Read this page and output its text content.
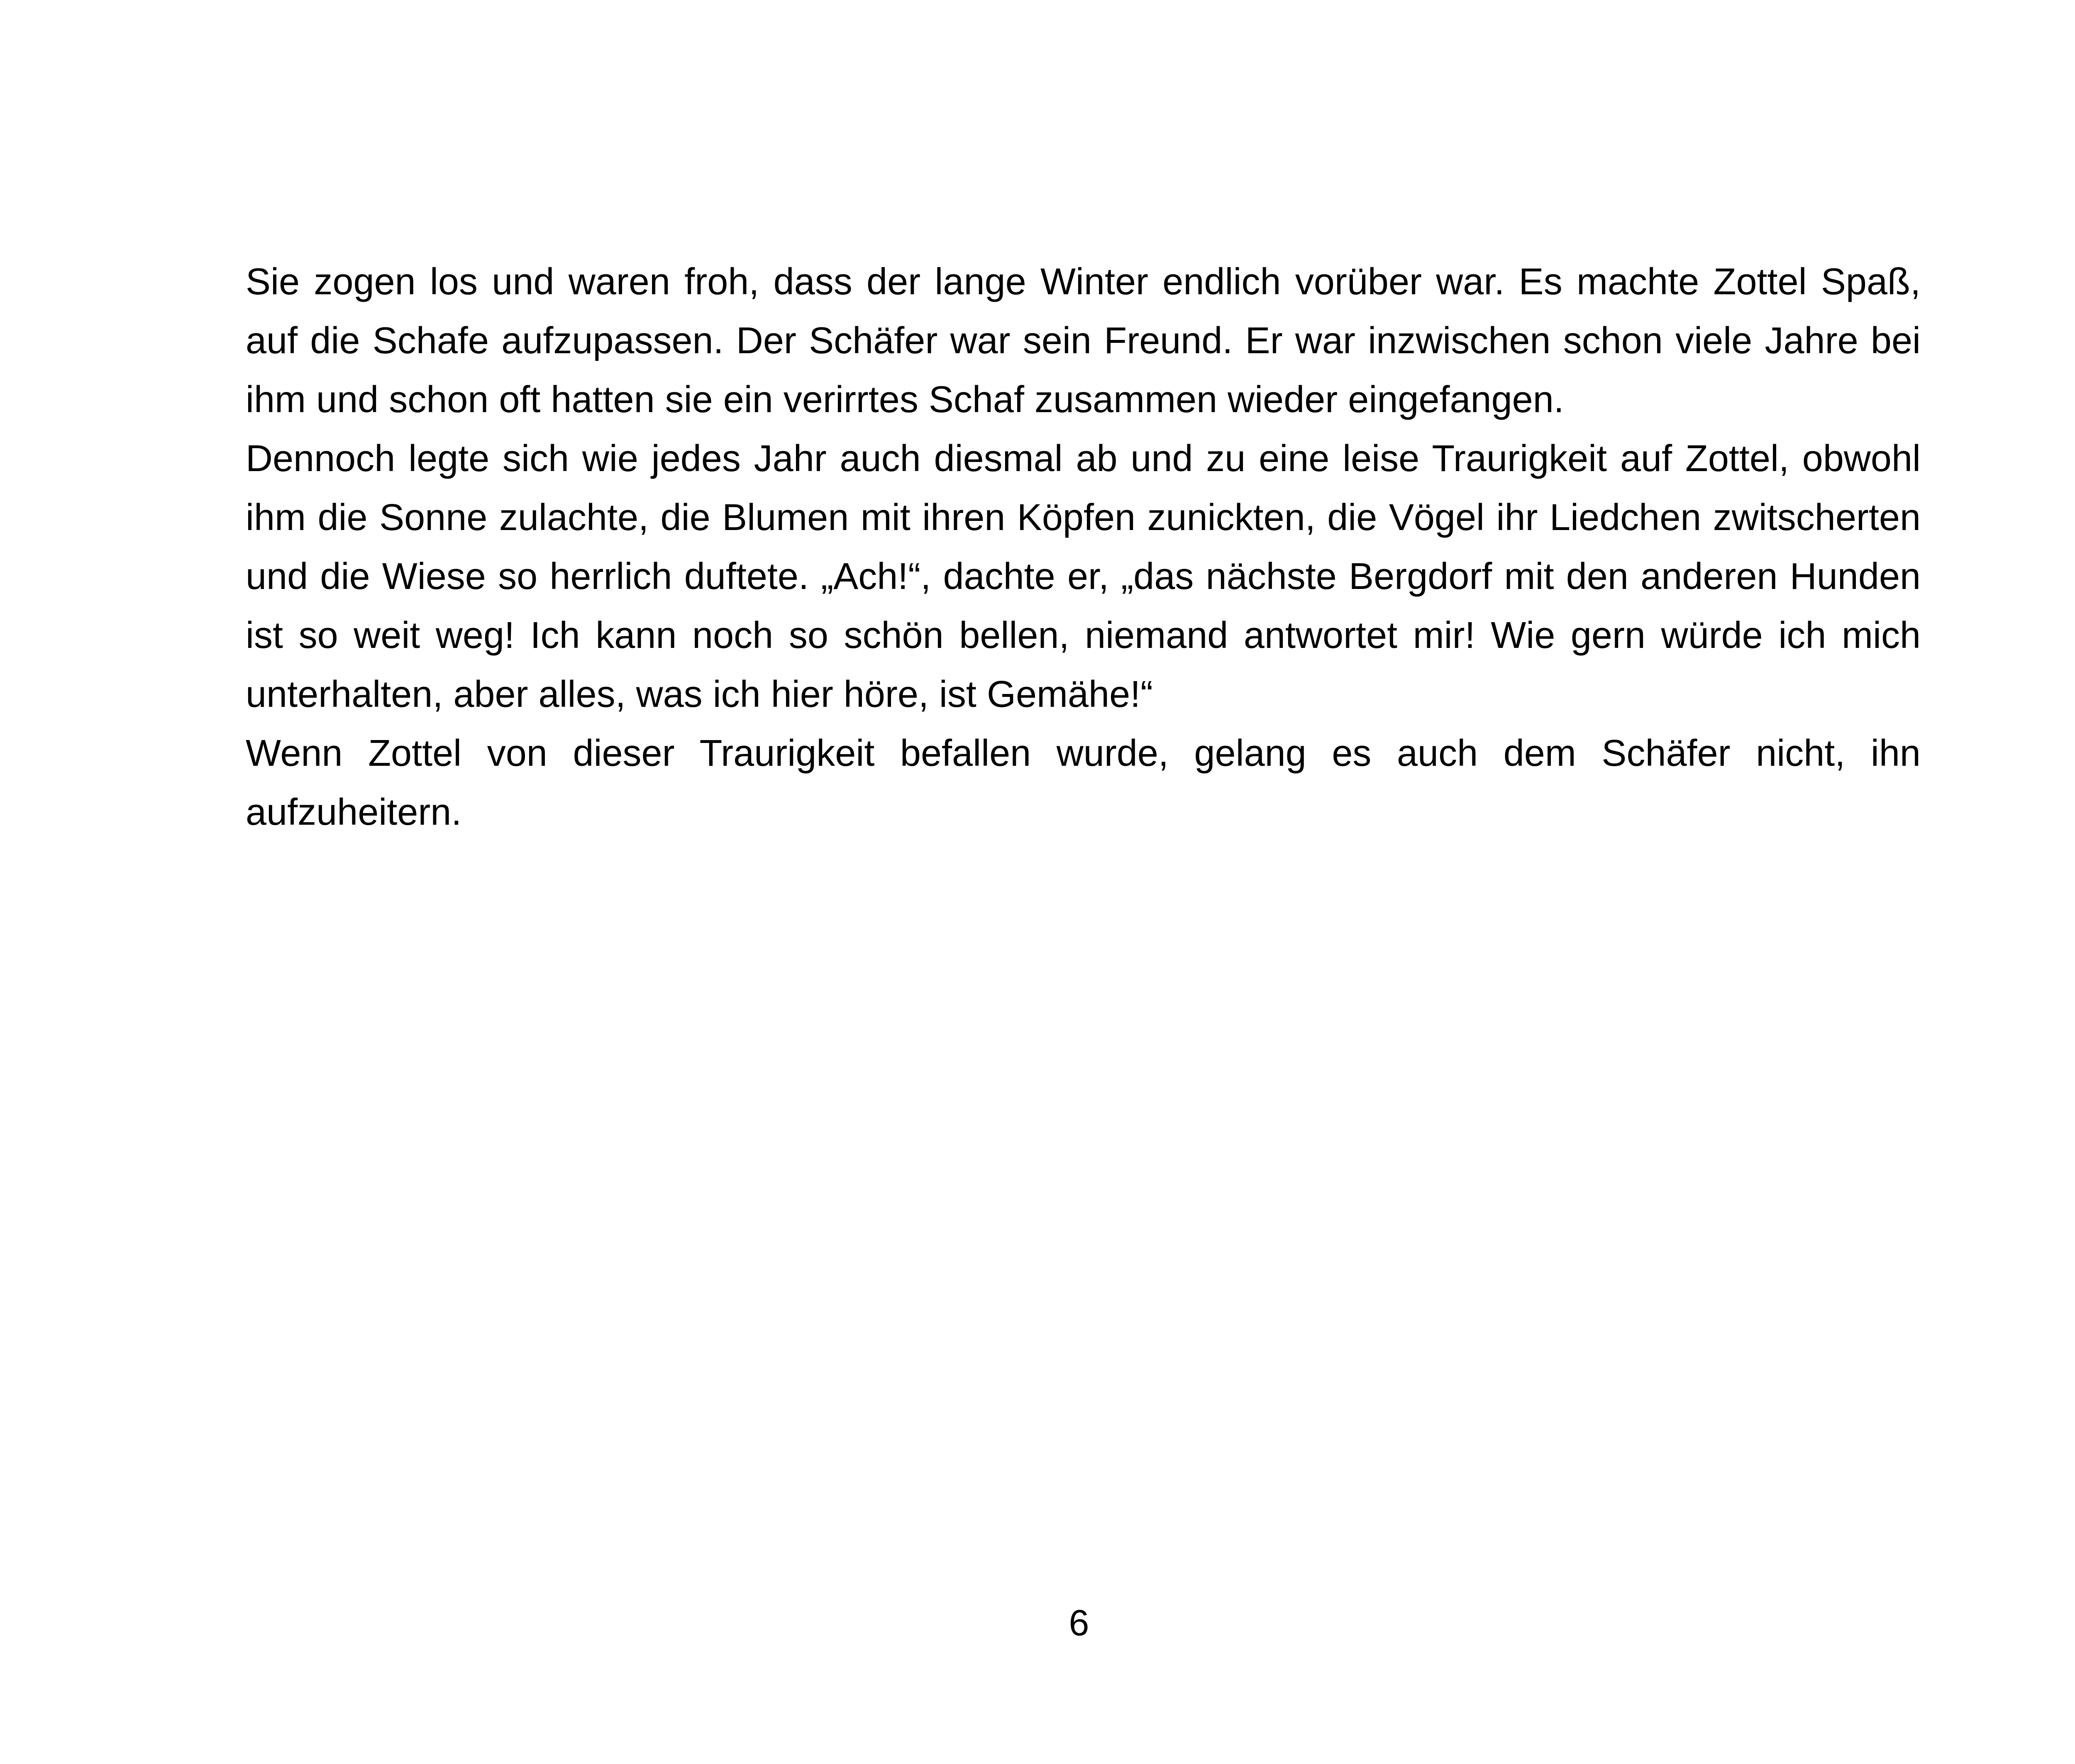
Sie zogen los und waren froh, dass der lange Winter endlich vorüber war. Es machte Zottel Spaß, auf die Schafe aufzupassen. Der Schäfer war sein Freund. Er war inzwischen schon viele Jahre bei ihm und schon oft hatten sie ein verirrtes Schaf zusammen wieder eingefangen.

Dennoch legte sich wie jedes Jahr auch diesmal ab und zu eine leise Traurigkeit auf Zottel, obwohl ihm die Sonne zulachte, die Blumen mit ihren Köpfen zunickten, die Vögel ihr Liedchen zwitscherten und die Wiese so herrlich duftete. „Ach!“, dachte er, „das nächste Bergdorf mit den anderen Hunden ist so weit weg! Ich kann noch so schön bellen, niemand antwortet mir! Wie gern würde ich mich unterhalten, aber alles, was ich hier höre, ist Gemähe!“

Wenn Zottel von dieser Traurigkeit befallen wurde, gelang es auch dem Schäfer nicht, ihn aufzuheitern.

6
